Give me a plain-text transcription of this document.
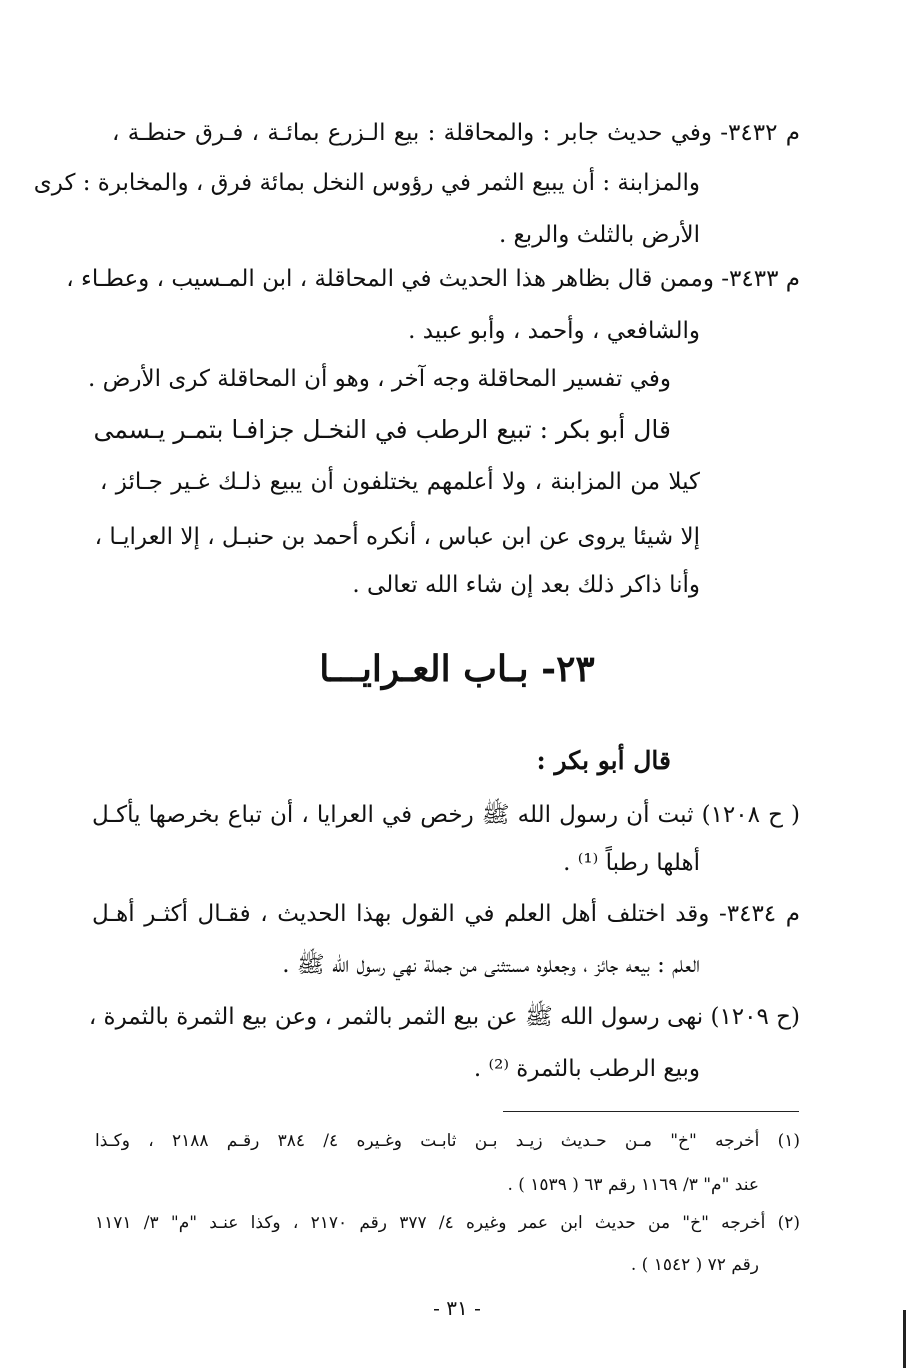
م ٣٤٣٢- وفي حديث جابر : والمحاقلة : بيع الـزرع بمائـة ، فـرق حنطـة ،
والمزابنة : أن يبيع الثمر في رؤوس النخل بمائة فرق ، والمخابرة : كرى
الأرض بالثلث والربع .
م ٣٤٣٣- وممن قال بظاهر هذا الحديث في المحاقلة ، ابن المـسيب ، وعطـاء ،
والشافعي ، وأحمد ، وأبو عبيد .
وفي تفسير المحاقلة وجه آخر ، وهو أن المحاقلة كرى الأرض .
قال أبو بكر : تبيع الرطب في النخـل جزافـا بتمـر يـسمى
كيلا من المزابنة ، ولا أعلمهم يختلفون أن يبيع ذلـك غـير جـائز ،
إلا شيئا يروى عن ابن عباس ، أنكره أحمد بن حنبـل ، إلا العرايـا ،
وأنا ذاكر ذلك بعد إن شاء الله تعالى .
٢٣- بـاب العـرايـــا
قال أبو بكر :
( ح ١٢٠٨) ثبت أن رسول الله ﷺ رخص في العرايا ، أن تباع بخرصها يأكـل
أهلها رطباً ⁽¹⁾ .
م ٣٤٣٤- وقد اختلف أهل العلم في القول بهذا الحديث ، فقـال أكثـر أهـل
العلم : بيعه جائز ، وجعلوه مستثنى من جملة نهي رسول الله ﷺ .
(ح ١٢٠٩) نهى رسول الله ﷺ عن بيع الثمر بالثمر ، وعن بيع الثمرة بالثمرة ،
وبيع الرطب بالثمرة ⁽²⁾ .
(١) أخرجه "خ" مـن حـديث زيـد بـن ثابـت وغـيره ٤/ ٣٨٤ رقـم ٢١٨٨ ، وكـذا
عند "م" ٣/ ١١٦٩ رقم ٦٣ ( ١٥٣٩ ) .
(٢) أخرجه "خ" من حديث ابن عمر وغيره ٤/ ٣٧٧ رقم ٢١٧٠ ، وكذا عنـد "م" ٣/ ١١٧١
رقم ٧٢ ( ١٥٤٢ ) .
- ٣١ -
